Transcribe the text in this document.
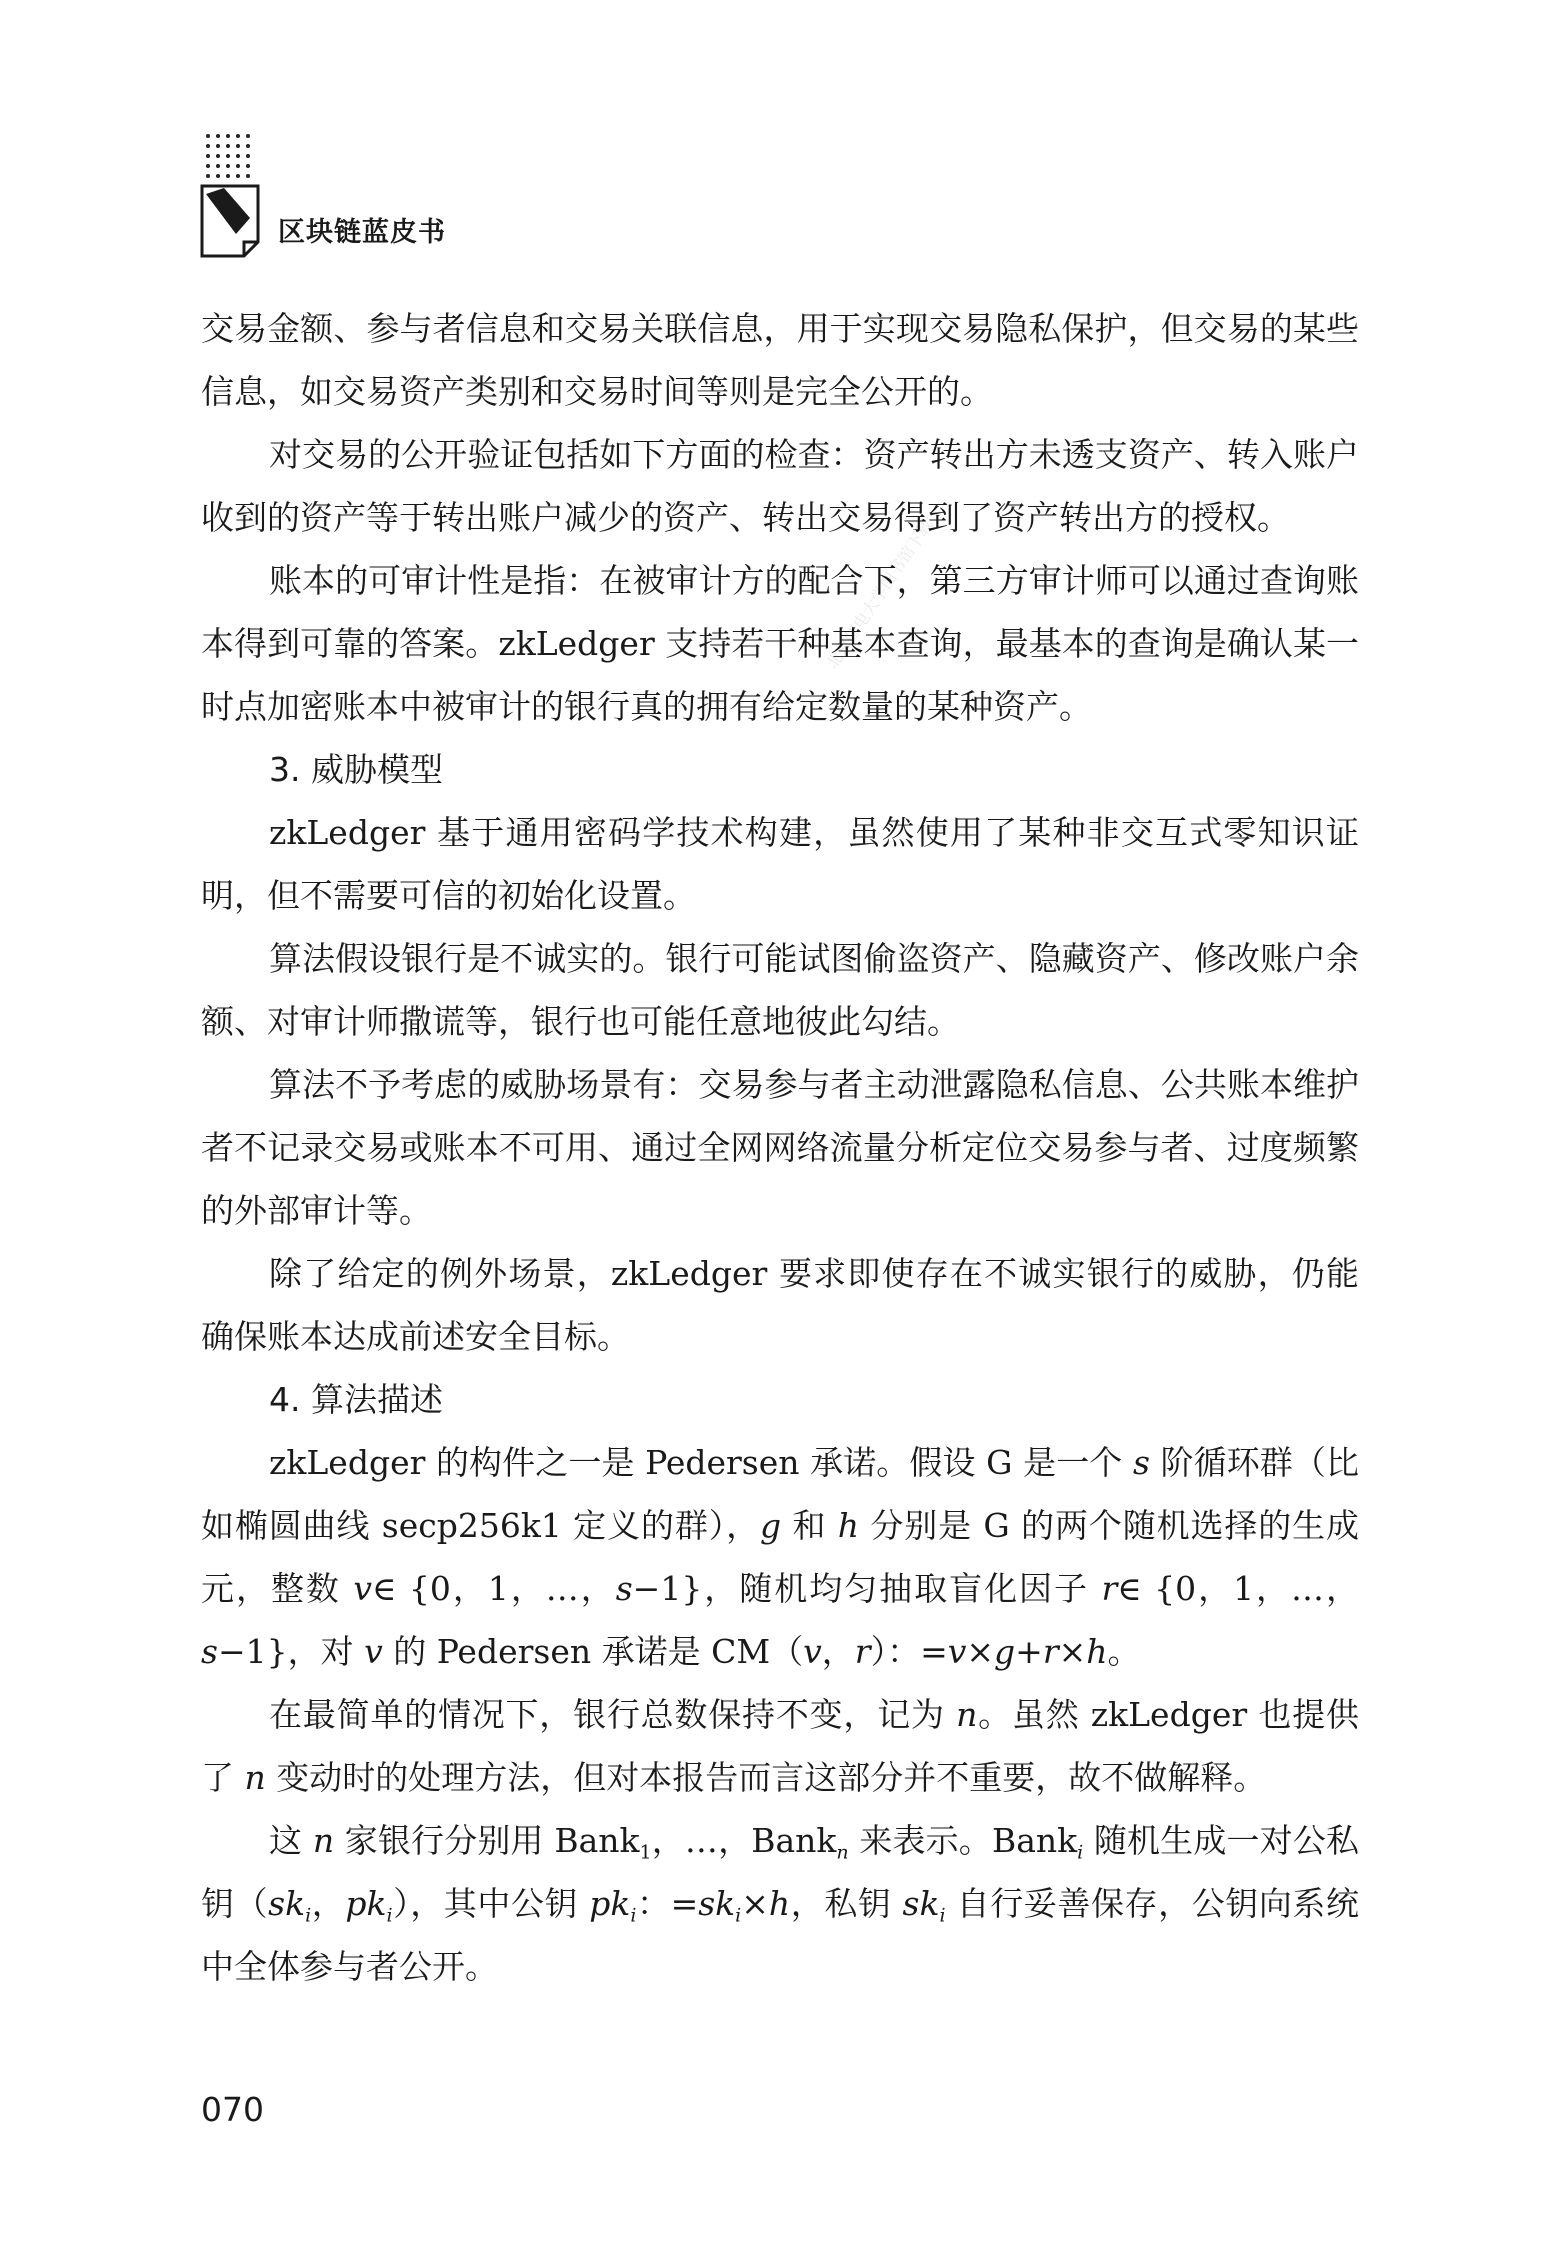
区块链蓝皮书
北京邮电大学图书馆下载

交易金额、参与者信息和交易关联信息，用于实现交易隐私保护，但交易的某些信息，如交易资产类别和交易时间等则是完全公开的。

对交易的公开验证包括如下方面的检查：资产转出方未透支资产、转入账户收到的资产等于转出账户减少的资产、转出交易得到了资产转出方的授权。

账本的可审计性是指：在被审计方的配合下，第三方审计师可以通过查询账本得到可靠的答案。zkLedger 支持若干种基本查询，最基本的查询是确认某一时点加密账本中被审计的银行真的拥有给定数量的某种资产。

3. 威胁模型

zkLedger 基于通用密码学技术构建，虽然使用了某种非交互式零知识证明，但不需要可信的初始化设置。

算法假设银行是不诚实的。银行可能试图偷盗资产、隐藏资产、修改账户余额、对审计师撒谎等，银行也可能任意地彼此勾结。

算法不予考虑的威胁场景有：交易参与者主动泄露隐私信息、公共账本维护者不记录交易或账本不可用、通过全网网络流量分析定位交易参与者、过度频繁的外部审计等。

除了给定的例外场景，zkLedger 要求即使存在不诚实银行的威胁，仍能确保账本达成前述安全目标。

4. 算法描述

zkLedger 的构件之一是 Pedersen 承诺。假设 G 是一个 s 阶循环群（比如椭圆曲线 secp256k1 定义的群），g 和 h 分别是 G 的两个随机选择的生成元，整数 v∈ {0，1，…，s−1}，随机均匀抽取盲化因子 r∈ {0，1，…，s−1}，对 v 的 Pedersen 承诺是 CM（v，r）：=v×g+r×h。

在最简单的情况下，银行总数保持不变，记为 n。虽然 zkLedger 也提供了 n 变动时的处理方法，但对本报告而言这部分并不重要，故不做解释。

这 n 家银行分别用 Bank$_1$，…，Bank$_n$ 来表示。Bank$_i$ 随机生成一对公私钥（$sk_i$，$pk_i$），其中公钥 $pk_i$：$=sk_i\times h$，私钥 $sk_i$ 自行妥善保存，公钥向系统中全体参与者公开。

070
